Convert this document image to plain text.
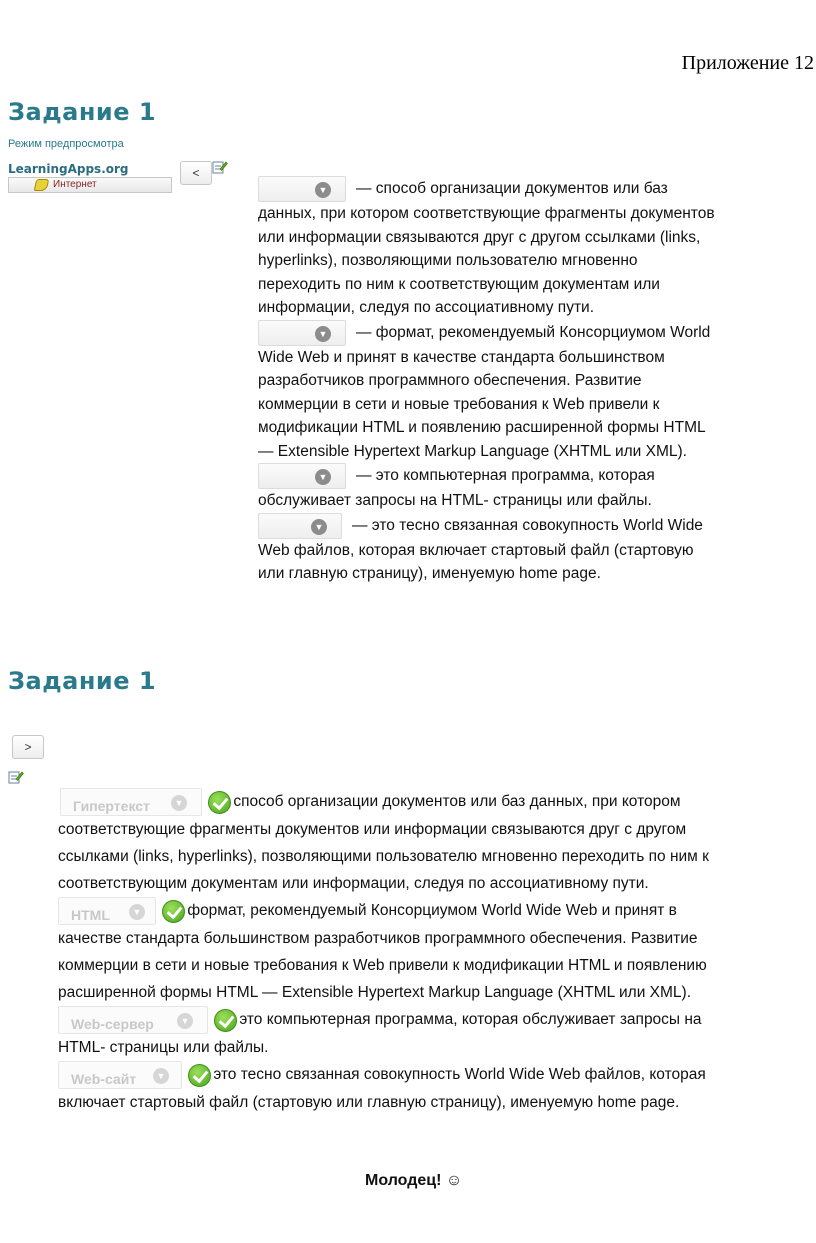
Приложение 12
Задание 1
Режим предпросмотра
LearningApps.org
Интернет
<
▼ — способ организации документов или баз
данных, при котором соответствующие фрагменты документов
или информации связываются друг с другом ссылками (links,
hyperlinks), позволяющими пользователю мгновенно
переходить по ним к соответствующим документам или
информации, следуя по ассоциативному пути.
▼ — формат, рекомендуемый Консорциумом World
Wide Web и принят в качестве стандарта большинством
разработчиков программного обеспечения. Развитие
коммерции в сети и новые требования к Web привели к
модификации HTML и появлению расширенной формы HTML
— Extensible Hypertext Markup Language (XHTML или XML).
▼ — это компьютерная программа, которая
обслуживает запросы на HTML- страницы или файлы.
▼ — это тесно связанная совокупность World Wide
Web файлов, которая включает стартовый файл (стартовую
или главную страницу), именуемую home page.
Задание 1
>
Гипертекст	▼	способ организации документов или баз данных, при котором
соответствующие фрагменты документов или информации связываются друг с другом
ссылками (links, hyperlinks), позволяющими пользователю мгновенно переходить по ним к
соответствующим документам или информации, следуя по ассоциативному пути.
HTML	▼	формат, рекомендуемый Консорциумом World Wide Web и принят в
качестве стандарта большинством разработчиков программного обеспечения. Развитие
коммерции в сети и новые требования к Web привели к модификации HTML и появлению
расширенной формы HTML — Extensible Hypertext Markup Language (XHTML или XML).
Web-сервер	▼	это компьютерная программа, которая обслуживает запросы на
HTML- страницы или файлы.
Web-сайт	▼	это тесно связанная совокупность World Wide Web файлов, которая
включает стартовый файл (стартовую или главную страницу), именуемую home page.
Молодец! ☺
